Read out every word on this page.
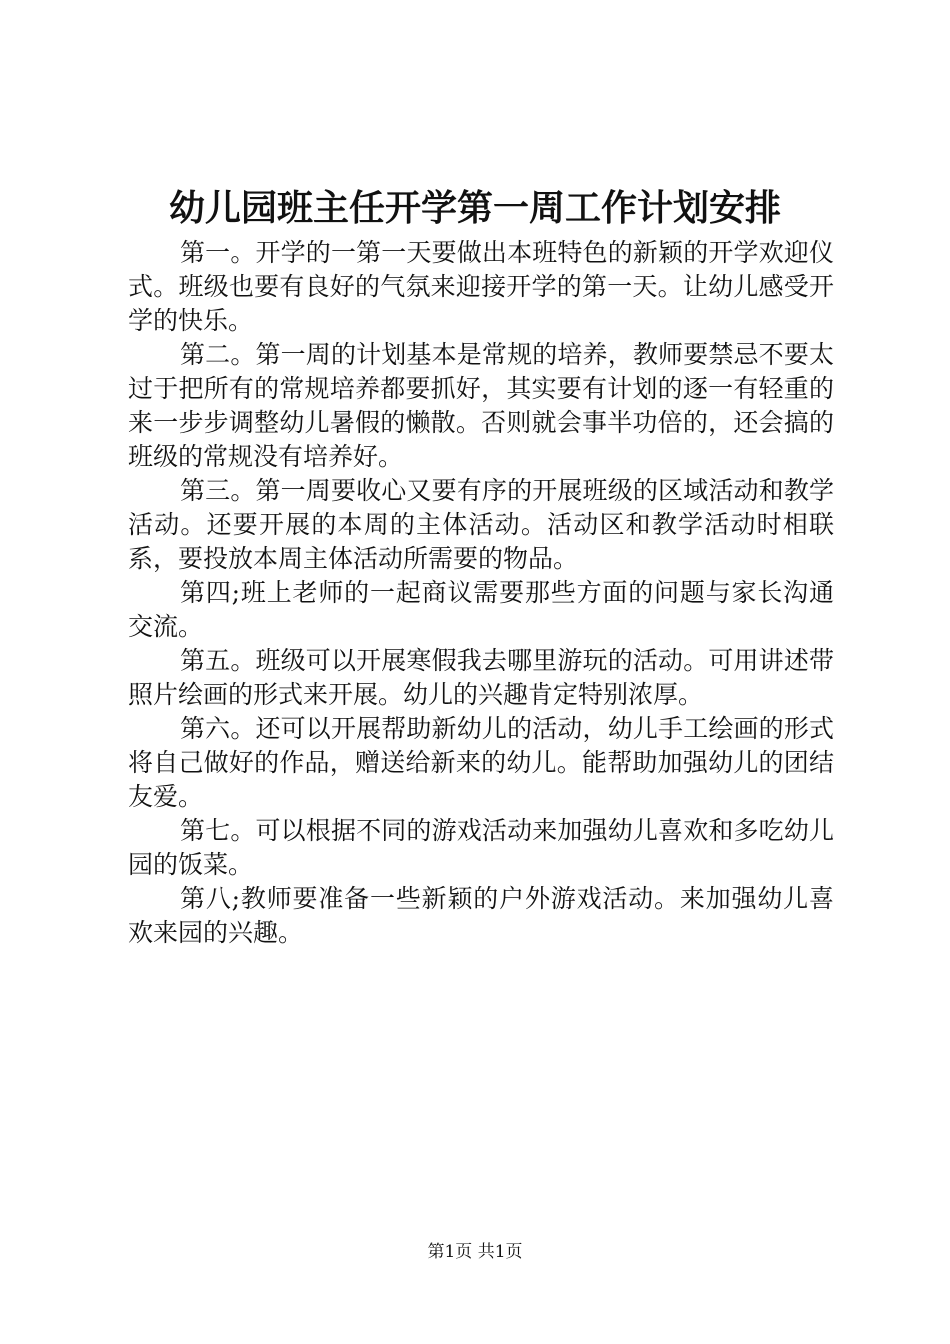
幼儿园班主任开学第一周工作计划安排

第一。开学的一第一天要做出本班特色的新颖的开学欢迎仪式。班级也要有良好的气氛来迎接开学的第一天。让幼儿感受开学的快乐。

第二。第一周的计划基本是常规的培养，教师要禁忌不要太过于把所有的常规培养都要抓好，其实要有计划的逐一有轻重的来一步步调整幼儿暑假的懒散。否则就会事半功倍的，还会搞的班级的常规没有培养好。

第三。第一周要收心又要有序的开展班级的区域活动和教学活动。还要开展的本周的主体活动。活动区和教学活动时相联系，要投放本周主体活动所需要的物品。

第四;班上老师的一起商议需要那些方面的问题与家长沟通交流。

第五。班级可以开展寒假我去哪里游玩的活动。可用讲述带照片绘画的形式来开展。幼儿的兴趣肯定特别浓厚。

第六。还可以开展帮助新幼儿的活动，幼儿手工绘画的形式将自己做好的作品，赠送给新来的幼儿。能帮助加强幼儿的团结友爱。

第七。可以根据不同的游戏活动来加强幼儿喜欢和多吃幼儿园的饭菜。

第八;教师要准备一些新颖的户外游戏活动。来加强幼儿喜欢来园的兴趣。

第1页 共1页
